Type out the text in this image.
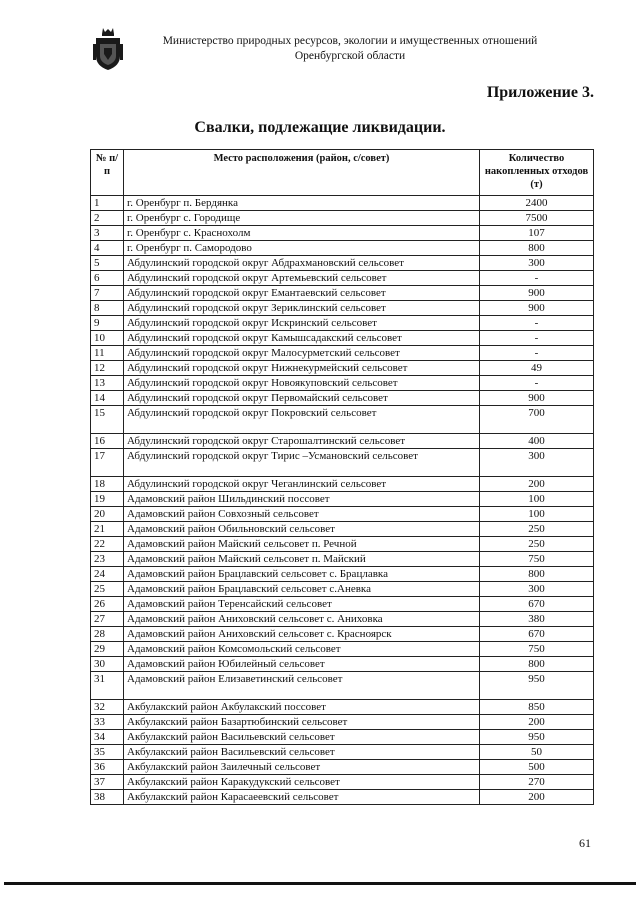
Министерство природных ресурсов, экологии и имущественных отношений
Оренбургской области
Приложение 3.
Свалки, подлежащие ликвидации.
№ п/п	Место расположения (район, с/совет)	Количество накопленных отходов (т)
1	г. Оренбург п. Бердянка	2400
2	г. Оренбург с. Городище	7500
3	г. Оренбург с. Краснохолм	107
4	г. Оренбург п. Самородово	800
5	Абдулинский городской округ Абдрахмановский сельсовет	300
6	Абдулинский городской округ Артемьевский сельсовет	-
7	Абдулинский городской округ Емантаевский сельсовет	900
8	Абдулинский городской округ Зериклинский сельсовет	900
9	Абдулинский городской округ Искринский сельсовет	-
10	Абдулинский городской округ Камышсадакский сельсовет	-
11	Абдулинский городской округ Малосурметский сельсовет	-
12	Абдулинский городской округ Нижнекурмейский сельсовет	49
13	Абдулинский городской округ Новоякуповский сельсовет	-
14	Абдулинский городской округ Первомайский сельсовет	900
15	Абдулинский городской округ Покровский сельсовет	700
16	Абдулинский городской округ Старошалтинский сельсовет	400
17	Абдулинский городской округ Тирис –Усмановский сельсовет	300
18	Абдулинский городской округ Чеганлинский сельсовет	200
19	Адамовский район Шильдинский поссовет	100
20	Адамовский район Совхозный сельсовет	100
21	Адамовский район Обильновский сельсовет	250
22	Адамовский район Майский сельсовет п. Речной	250
23	Адамовский район Майский сельсовет п. Майский	750
24	Адамовский район Брацлавский сельсовет с. Брацлавка	800
25	Адамовский район Брацлавский сельсовет с.Аневка	300
26	Адамовский район Теренсайский сельсовет	670
27	Адамовский район Аниховский сельсовет с. Аниховка	380
28	Адамовский район Аниховский сельсовет с. Красноярск	670
29	Адамовский район Комсомольский сельсовет	750
30	Адамовский район Юбилейный сельсовет	800
31	Адамовский район Елизаветинский сельсовет	950
32	Акбулакский район Акбулакский поссовет	850
33	Акбулакский район Базартюбинский сельсовет	200
34	Акбулакский район Васильевский сельсовет	950
35	Акбулакский район Васильевский сельсовет	50
36	Акбулакский район Заилечный сельсовет	500
37	Акбулакский район Каракудукский сельсовет	270
38	Акбулакский район Карасаеевский сельсовет	200
61
